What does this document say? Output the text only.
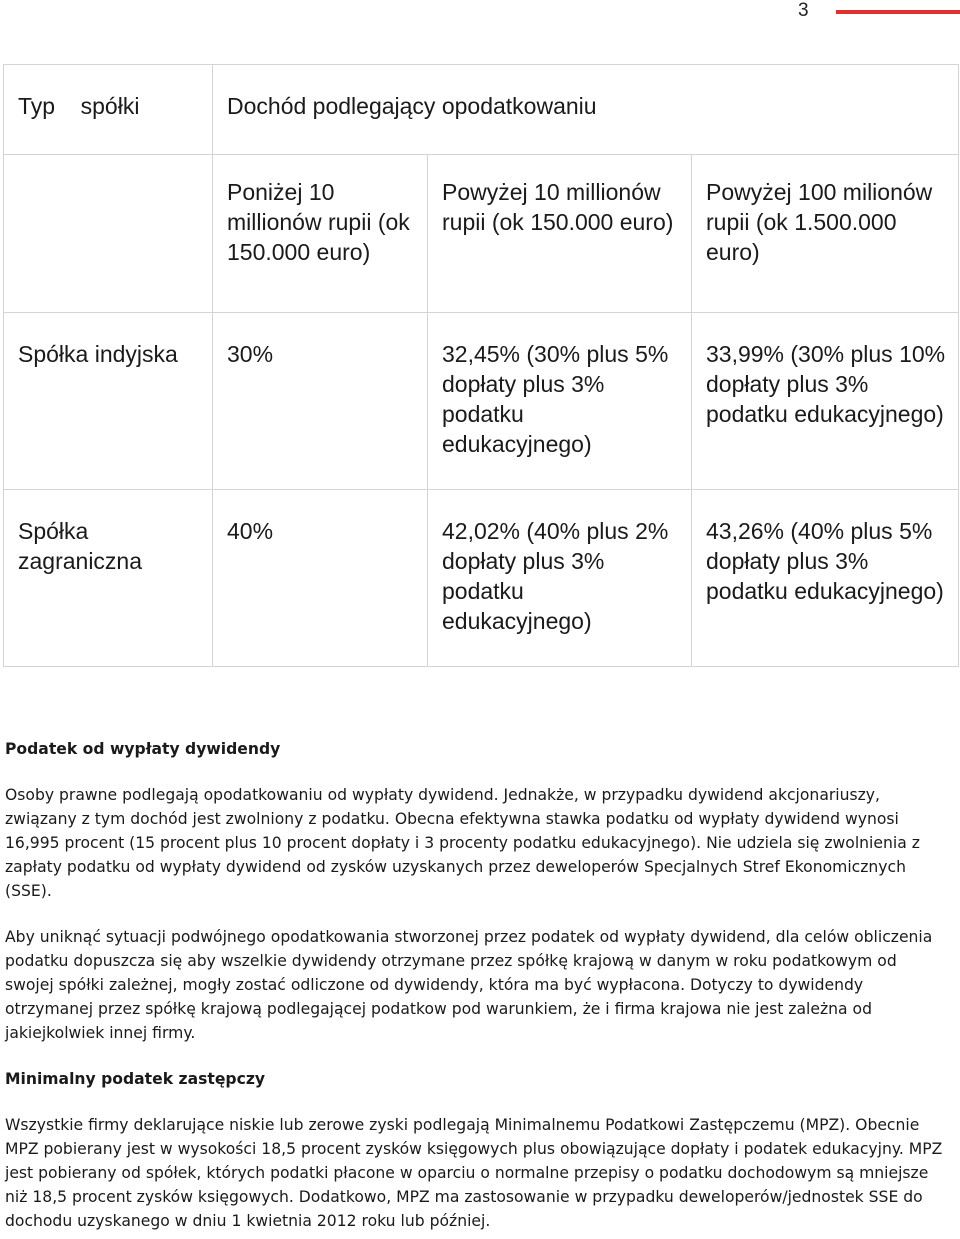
3
Typ spółki	Dochód podlegający opodatkowaniu		
	Poniżej 10 millionów rupii (ok 150.000 euro)	Powyżej 10 millionów rupii (ok 150.000 euro)	Powyżej 100 milionów rupii (ok 1.500.000 euro)
Spółka indyjska	30%	32,45% (30% plus 5% dopłaty plus 3% podatku edukacyjnego)	33,99% (30% plus 10% dopłaty plus 3% podatku edukacyjnego)
Spółka zagraniczna	40%	42,02% (40% plus 2% dopłaty plus 3% podatku edukacyjnego)	43,26% (40% plus 5% dopłaty plus 3% podatku edukacyjnego)

Podatek od wypłaty dywidendy

Osoby prawne podlegają opodatkowaniu od wypłaty dywidend. Jednakże, w przypadku dywidend akcjonariuszy, związany z tym dochód jest zwolniony z podatku. Obecna efektywna stawka podatku od wypłaty dywidend wynosi 16,995 procent (15 procent plus 10 procent dopłaty i 3 procenty podatku edukacyjnego). Nie udziela się zwolnienia z zapłaty podatku od wypłaty dywidend od zysków uzyskanych przez deweloperów Specjalnych Stref Ekonomicznych (SSE).

Aby uniknąć sytuacji podwójnego opodatkowania stworzonej przez podatek od wypłaty dywidend, dla celów obliczenia podatku dopuszcza się aby wszelkie dywidendy otrzymane przez spółkę krajową w danym w roku podatkowym od swojej spółki zależnej, mogły zostać odliczone od dywidendy, która ma być wypłacona. Dotyczy to dywidendy otrzymanej przez spółkę krajową podlegającej podatkow pod warunkiem, że i firma krajowa nie jest zależna od jakiejkolwiek innej firmy.

Minimalny podatek zastępczy

Wszystkie firmy deklarujące niskie lub zerowe zyski podlegają Minimalnemu Podatkowi Zastępczemu (MPZ). Obecnie MPZ pobierany jest w wysokości 18,5 procent zysków księgowych plus obowiązujące dopłaty i podatek edukacyjny. MPZ jest pobierany od spółek, których podatki płacone w oparciu o normalne przepisy o podatku dochodowym są mniejsze niż 18,5 procent zysków księgowych. Dodatkowo, MPZ ma zastosowanie w przypadku deweloperów/jednostek SSE do dochodu uzyskanego w dniu 1 kwietnia 2012 roku lub później.
